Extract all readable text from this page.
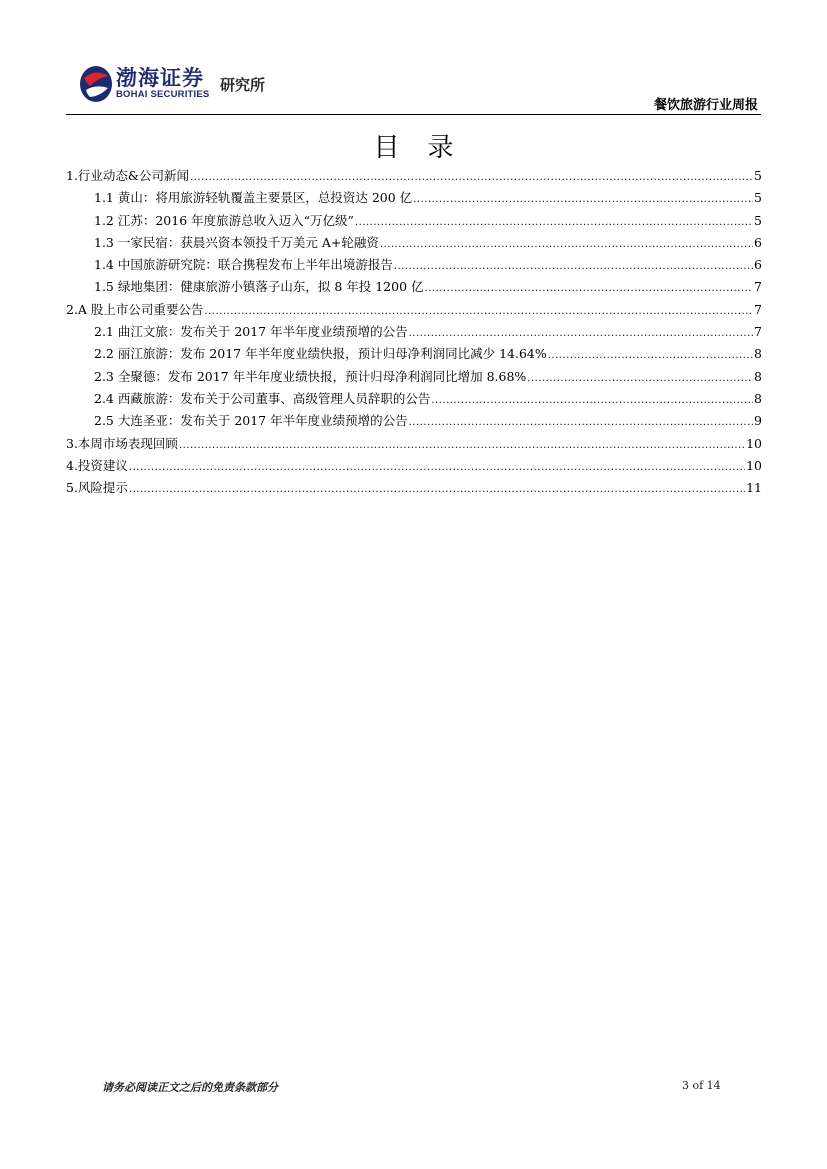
渤海证券
BOHAI SECURITIES
研究所
餐饮旅游行业周报
目录
1.行业动态&公司新闻 .....	5
1.1 黄山：将用旅游轻轨覆盖主要景区，总投资达 200 亿 .....	5
1.2 江苏：2016 年度旅游总收入迈入“万亿级” .....	5
1.3 一家民宿：获晨兴资本领投千万美元 A+轮融资 .....	6
1.4 中国旅游研究院：联合携程发布上半年出境游报告 .....	6
1.5 绿地集团：健康旅游小镇落子山东，拟 8 年投 1200 亿 .....	7
2.A 股上市公司重要公告 .....	7
2.1 曲江文旅：发布关于 2017 年半年度业绩预增的公告 .....	7
2.2 丽江旅游：发布 2017 年半年度业绩快报，预计归母净利润同比减少 14.64% .....	8
2.3 全聚德：发布 2017 年半年度业绩快报，预计归母净利润同比增加 8.68% .....	8
2.4 西藏旅游：发布关于公司董事、高级管理人员辞职的公告 .....	8
2.5 大连圣亚：发布关于 2017 年半年度业绩预增的公告 .....	9
3.本周市场表现回顾 .....	10
4.投资建议 .....	10
5.风险提示 .....	11
请务必阅读正文之后的免责条款部分	3 of 14
